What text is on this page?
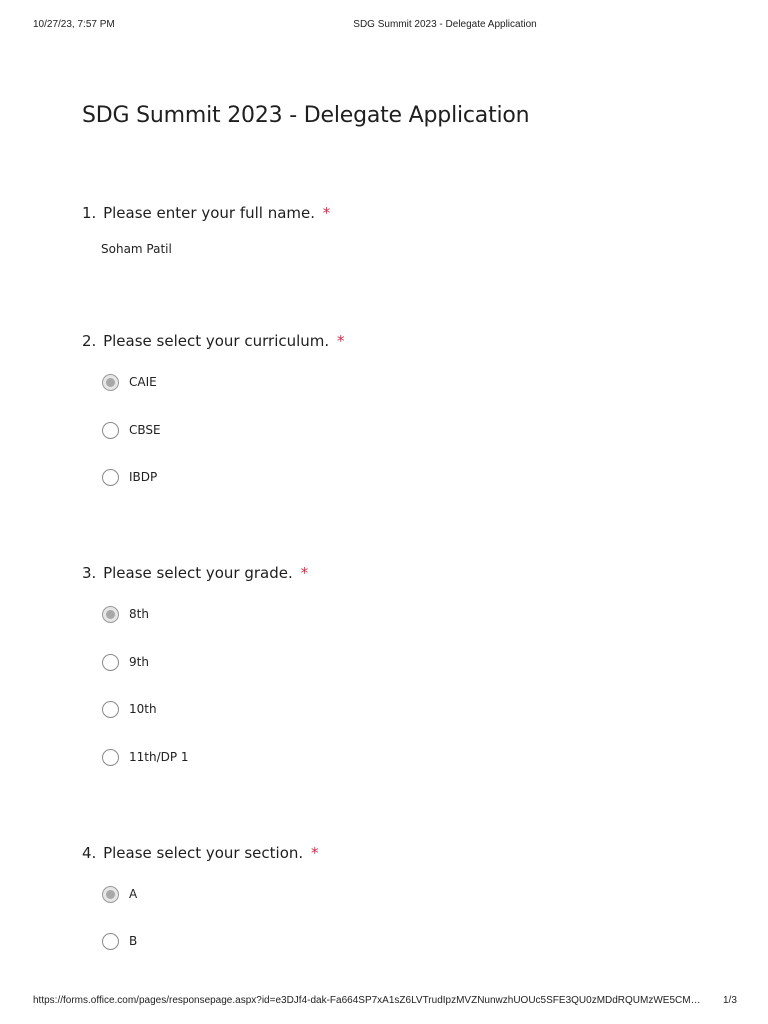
10/27/23, 7:57 PM	SDG Summit 2023 - Delegate Application
SDG Summit 2023 - Delegate Application
1. Please enter your full name. *
Soham Patil
2. Please select your curriculum. *
CAIE
CBSE
IBDP
3. Please select your grade. *
8th
9th
10th
11th/DP 1
4. Please select your section. *
A
B
https://forms.office.com/pages/responsepage.aspx?id=e3DJf4-dak-Fa664SP7xA1sZ6LVTrudIpzMVZNunwzhUOUc5SFE3QU0zMDdRQUMzWE5CM…	1/3
